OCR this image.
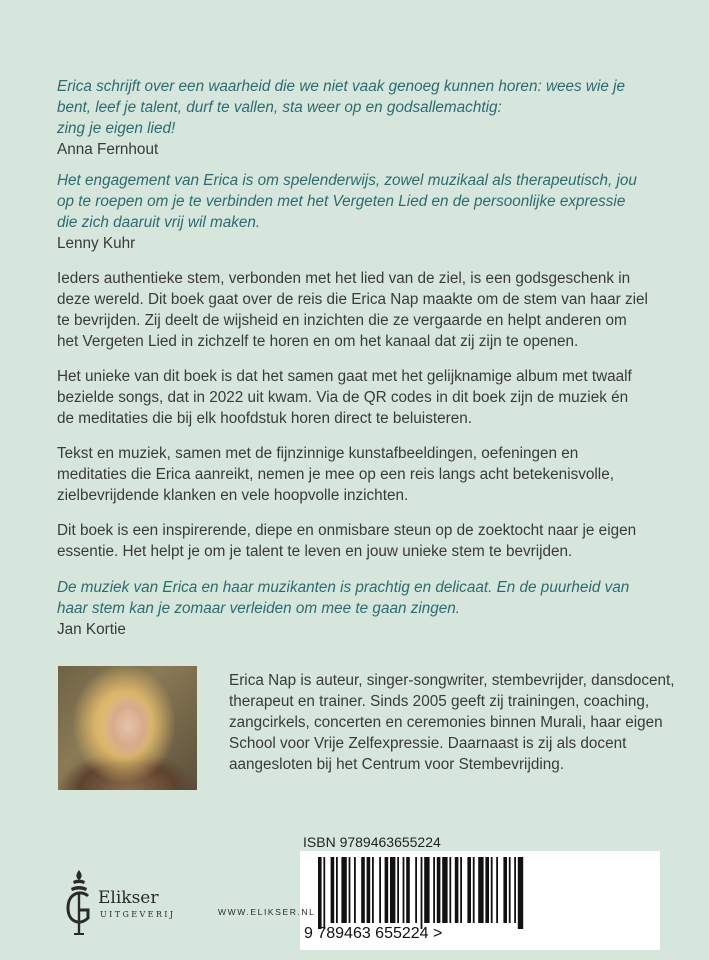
Erica schrijft over een waarheid die we niet vaak genoeg kunnen horen: wees wie je
bent, leef je talent, durf te vallen, sta weer op en godsallemachtig:
zing je eigen lied!
Anna Fernhout
Het engagement van Erica is om spelenderwijs, zowel muzikaal als therapeutisch, jou
op te roepen om je te verbinden met het Vergeten Lied en de persoonlijke expressie
die zich daaruit vrij wil maken.
Lenny Kuhr
Ieders authentieke stem, verbonden met het lied van de ziel, is een godsgeschenk in
deze wereld. Dit boek gaat over de reis die Erica Nap maakte om de stem van haar ziel
te bevrijden. Zij deelt de wijsheid en inzichten die ze vergaarde en helpt anderen om
het Vergeten Lied in zichzelf te horen en om het kanaal dat zij zijn te openen.
Het unieke van dit boek is dat het samen gaat met het gelijknamige album met twaalf
bezielde songs, dat in 2022 uit kwam. Via de QR codes in dit boek zijn de muziek én
de meditaties die bij elk hoofdstuk horen direct te beluisteren.
Tekst en muziek, samen met de fijnzinnige kunstafbeeldingen, oefeningen en
meditaties die Erica aanreikt, nemen je mee op een reis langs acht betekenisvolle,
zielbevrijdende klanken en vele hoopvolle inzichten.
Dit boek is een inspirerende, diepe en onmisbare steun op de zoektocht naar je eigen
essentie. Het helpt je om je talent te leven en jouw unieke stem te bevrijden.
De muziek van Erica en haar muzikanten is prachtig en delicaat. En de puurheid van
haar stem kan je zomaar verleiden om mee te gaan zingen.
Jan Kortie
Erica Nap is auteur, singer-songwriter, stembevrijder, dansdocent,
therapeut en trainer. Sinds 2005 geeft zij trainingen, coaching,
zangcirkels, concerten en ceremonies binnen Murali, haar eigen
School voor Vrije Zelfexpressie. Daarnaast is zij als docent
aangesloten bij het Centrum voor Stembevrijding.
ISBN 9789463655224
9 789463 655224 >
Elikser
UITGEVERIJ	WWW.ELIKSER.NL
